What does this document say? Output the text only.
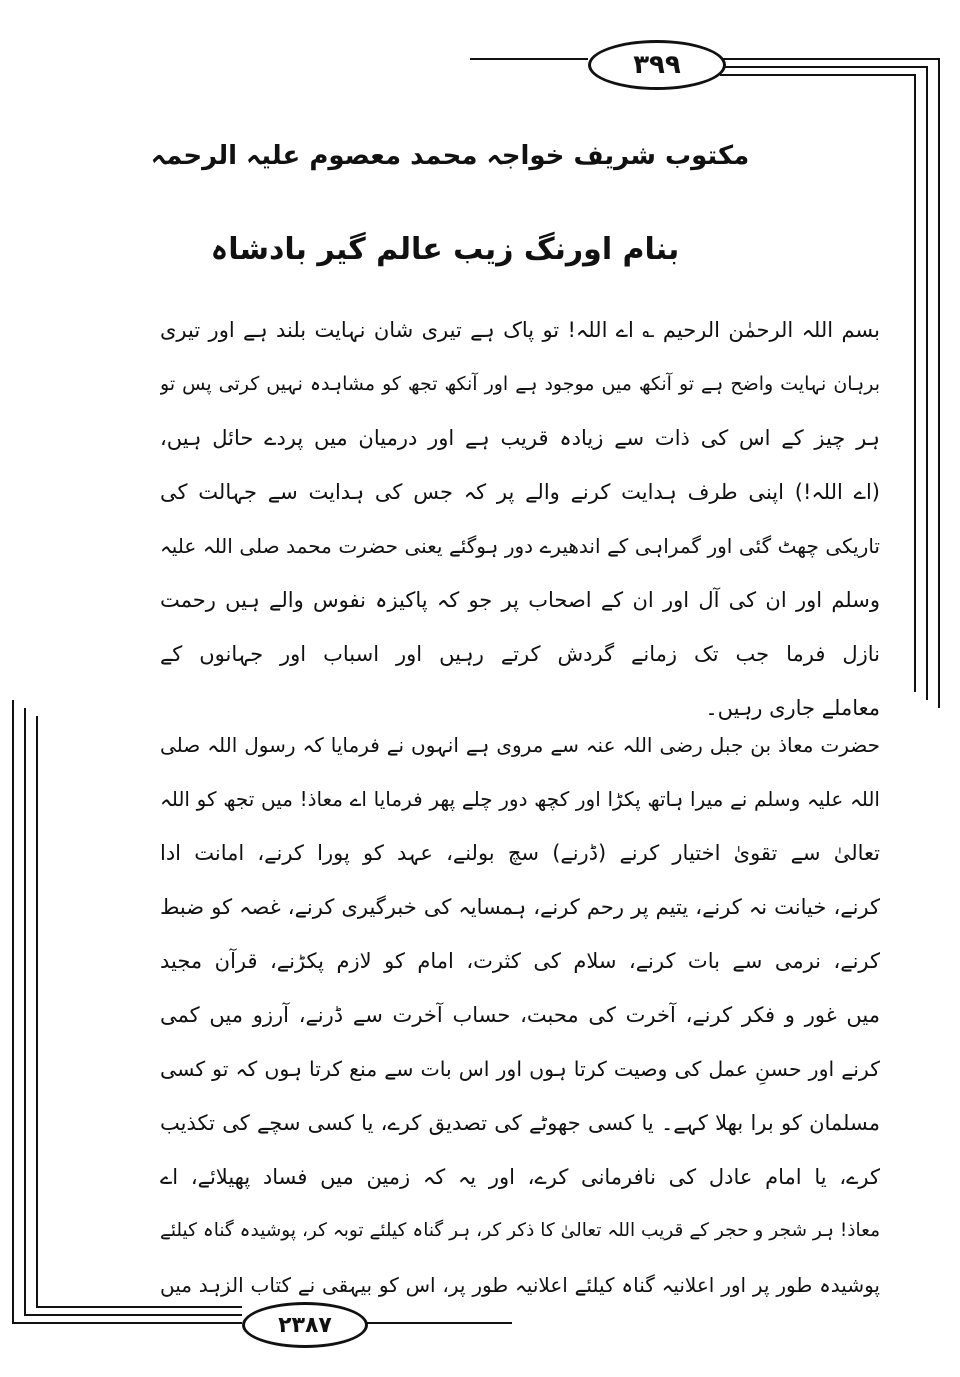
۳۹۹
۲۳۸۷
مکتوب شریف خواجہ محمد معصوم علیہ الرحمہ
بنام اورنگ زیب عالم گیر بادشاہ
بسم اللہ الرحمٰن الرحیم ؎ اے اللہ! تو پاک ہے تیری شان نہایت بلند ہے اور تیری
برہان نہایت واضح ہے تو آنکھ میں موجود ہے اور آنکھ تجھ کو مشاہدہ نہیں کرتی پس تو
ہر چیز کے اس کی ذات سے زیادہ قریب ہے اور درمیان میں پردے حائل ہیں،
(اے اللہ!) اپنی طرف ہدایت کرنے والے پر کہ جس کی ہدایت سے جہالت کی
تاریکی چھٹ گئی اور گمراہی کے اندھیرے دور ہوگئے یعنی حضرت محمد صلی اللہ علیہ
وسلم اور ان کی آل اور ان کے اصحاب پر جو کہ پاکیزہ نفوس والے ہیں رحمت
نازل فرما جب تک زمانے گردش کرتے رہیں اور اسباب اور جہانوں کے
معاملے جاری رہیں۔
حضرت معاذ بن جبل رضی اللہ عنہ سے مروی ہے انہوں نے فرمایا کہ رسول اللہ صلی
اللہ علیہ وسلم نے میرا ہاتھ پکڑا اور کچھ دور چلے پھر فرمایا اے معاذ! میں تجھ کو اللہ
تعالیٰ سے تقویٰ اختیار کرنے (ڈرنے) سچ بولنے، عہد کو پورا کرنے، امانت ادا
کرنے، خیانت نہ کرنے، یتیم پر رحم کرنے، ہمسایہ کی خبرگیری کرنے، غصہ کو ضبط
کرنے، نرمی سے بات کرنے، سلام کی کثرت، امام کو لازم پکڑنے، قرآن مجید
میں غور و فکر کرنے، آخرت کی محبت، حساب آخرت سے ڈرنے، آرزو میں کمی
کرنے اور حسنِ عمل کی وصیت کرتا ہوں اور اس بات سے منع کرتا ہوں کہ تو کسی
مسلمان کو برا بھلا کہے۔ یا کسی جھوٹے کی تصدیق کرے، یا کسی سچے کی تکذیب
کرے، یا امام عادل کی نافرمانی کرے، اور یہ کہ زمین میں فساد پھیلائے، اے
معاذ! ہر شجر و حجر کے قریب اللہ تعالیٰ کا ذکر کر، ہر گناہ کیلئے توبہ کر، پوشیدہ گناہ کیلئے
پوشیدہ طور پر اور اعلانیہ گناہ کیلئے اعلانیہ طور پر، اس کو بیہقی نے کتاب الزہد میں
